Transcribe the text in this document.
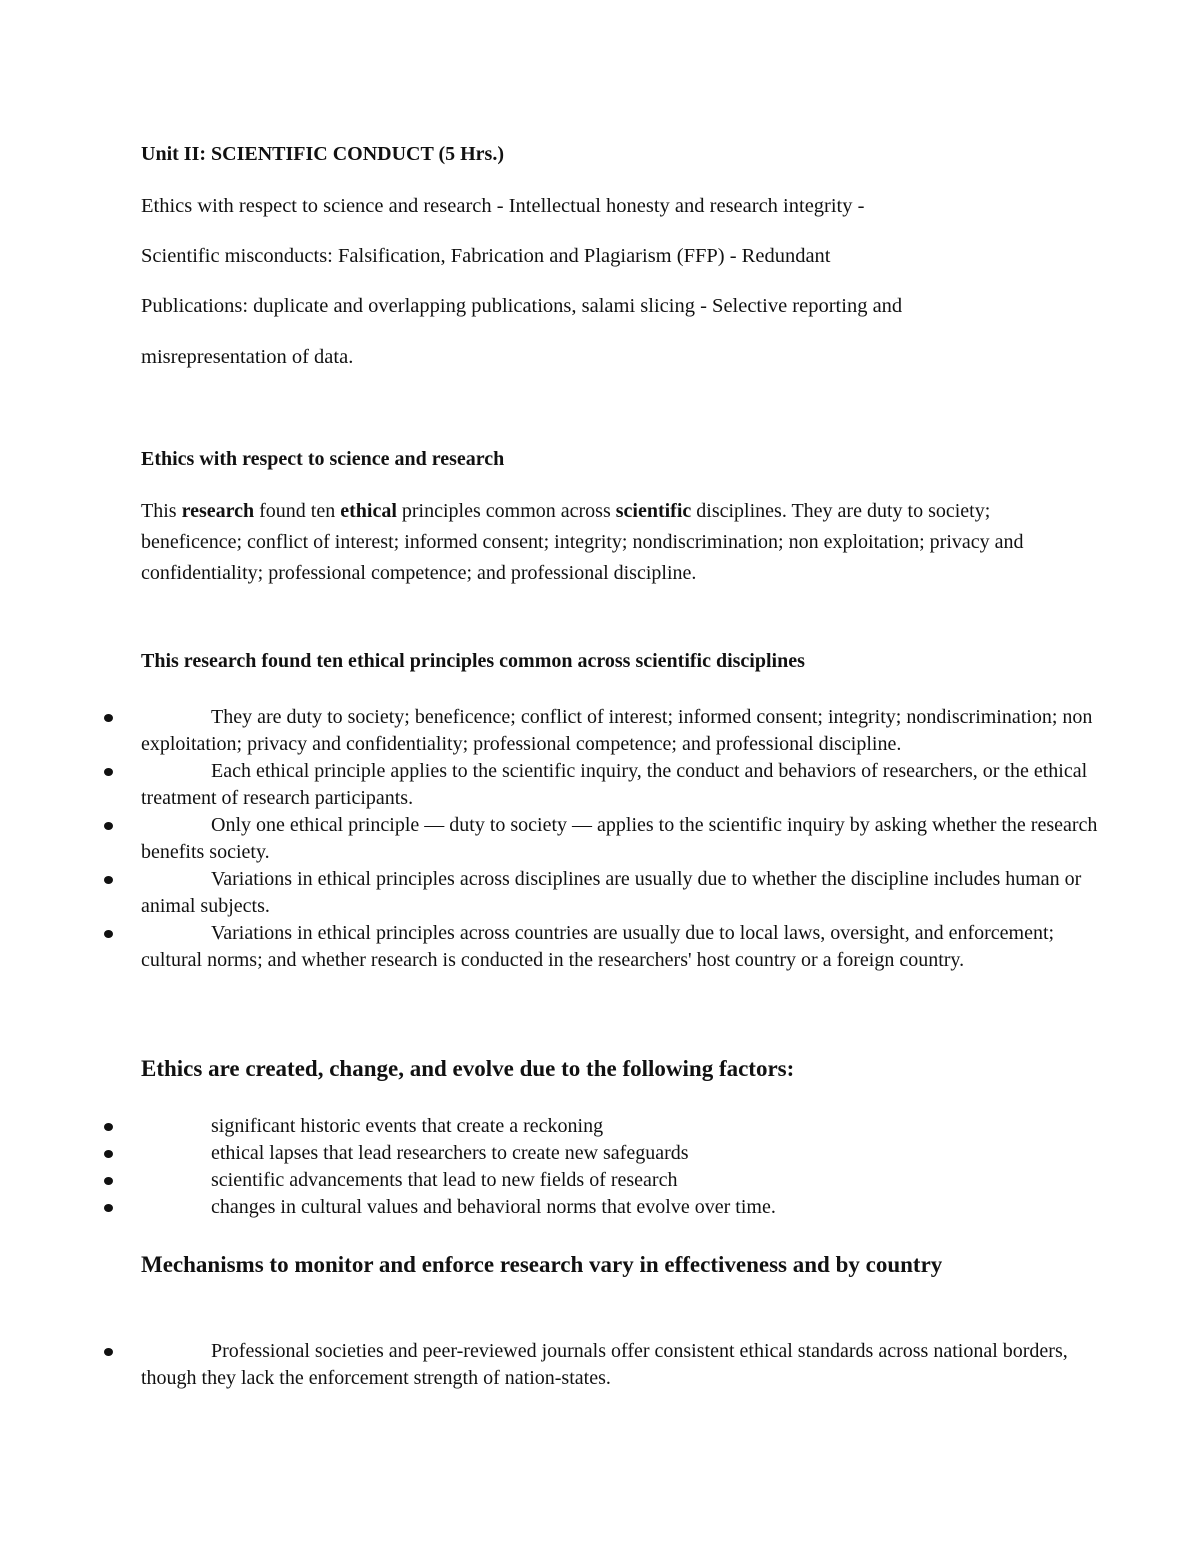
Unit II: SCIENTIFIC CONDUCT (5 Hrs.)

Ethics with respect to science and research - Intellectual honesty and research integrity -
Scientific misconducts: Falsification, Fabrication and Plagiarism (FFP) - Redundant
Publications: duplicate and overlapping publications, salami slicing - Selective reporting and
misrepresentation of data.

Ethics with respect to science and research

This research found ten ethical principles common across scientific disciplines. They are duty to society; beneficence; conflict of interest; informed consent; integrity; nondiscrimination; non exploitation; privacy and confidentiality; professional competence; and professional discipline.

This research found ten ethical principles common across scientific disciplines

They are duty to society; beneficence; conflict of interest; informed consent; integrity; nondiscrimination; non exploitation; privacy and confidentiality; professional competence; and professional discipline.
Each ethical principle applies to the scientific inquiry, the conduct and behaviors of researchers, or the ethical treatment of research participants.
Only one ethical principle — duty to society — applies to the scientific inquiry by asking whether the research benefits society.
Variations in ethical principles across disciplines are usually due to whether the discipline includes human or animal subjects.
Variations in ethical principles across countries are usually due to local laws, oversight, and enforcement; cultural norms; and whether research is conducted in the researchers' host country or a foreign country.

Ethics are created, change, and evolve due to the following factors:

significant historic events that create a reckoning
ethical lapses that lead researchers to create new safeguards
scientific advancements that lead to new fields of research
changes in cultural values and behavioral norms that evolve over time.

Mechanisms to monitor and enforce research vary in effectiveness and by country

Professional societies and peer-reviewed journals offer consistent ethical standards across national borders, though they lack the enforcement strength of nation-states.
